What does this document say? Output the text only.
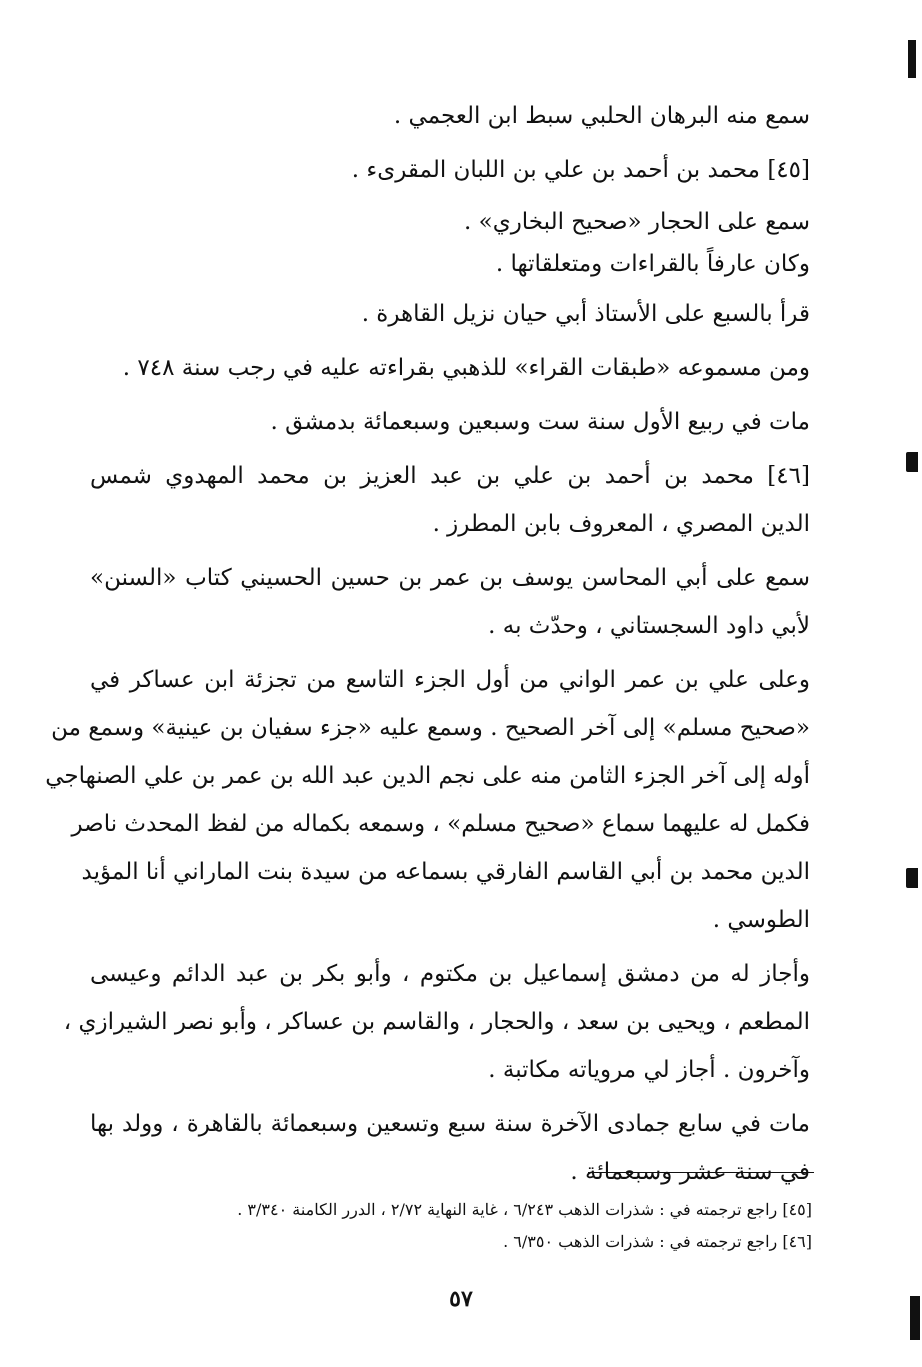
سمع منه البرهان الحلبي سبط ابن العجمي .

[٤٥] محمد بن أحمد بن علي بن اللبان المقرىء .

سمع على الحجار «صحيح البخاري» .

وكان عارفاً بالقراءات ومتعلقاتها .

قرأ بالسبع على الأستاذ أبي حيان نزيل القاهرة .

ومن مسموعه «طبقات القراء» للذهبي بقراءته عليه في رجب سنة ٧٤٨ .

مات في ربيع الأول سنة ست وسبعين وسبعمائة بدمشق .

[٤٦] محمد بن أحمد بن علي بن عبد العزيز بن محمد المهدوي شمس

الدين المصري ، المعروف بابن المطرز .

سمع على أبي المحاسن يوسف بن عمر بن حسين الحسيني كتاب «السنن»

لأبي داود السجستاني ، وحدّث به .

وعلى علي بن عمر الواني من أول الجزء التاسع من تجزئة ابن عساكر في

«صحيح مسلم» إلى آخر الصحيح . وسمع عليه «جزء سفيان بن عينية» وسمع من

أوله إلى آخر الجزء الثامن منه على نجم الدين عبد الله بن عمر بن علي الصنهاجي

فكمل له عليهما سماع «صحيح مسلم» ، وسمعه بكماله من لفظ المحدث ناصر

الدين محمد بن أبي القاسم الفارقي بسماعه من سيدة بنت الماراني أنا المؤيد

الطوسي .

وأجاز له من دمشق إسماعيل بن مكتوم ، وأبو بكر بن عبد الدائم وعيسى

المطعم ، ويحيى بن سعد ، والحجار ، والقاسم بن عساكر ، وأبو نصر الشيرازي ،

وآخرون . أجاز لي مروياته مكاتبة .

مات في سابع جمادى الآخرة سنة سبع وتسعين وسبعمائة بالقاهرة ، وولد بها

في سنة عشر وسبعمائة .

[٤٥] راجع ترجمته في : شذرات الذهب ٦/٢٤٣ ، غاية النهاية ٢/٧٢ ، الدرر الكامنة ٣/٣٤٠ .
[٤٦] راجع ترجمته في : شذرات الذهب ٦/٣٥٠ .
٥٧
